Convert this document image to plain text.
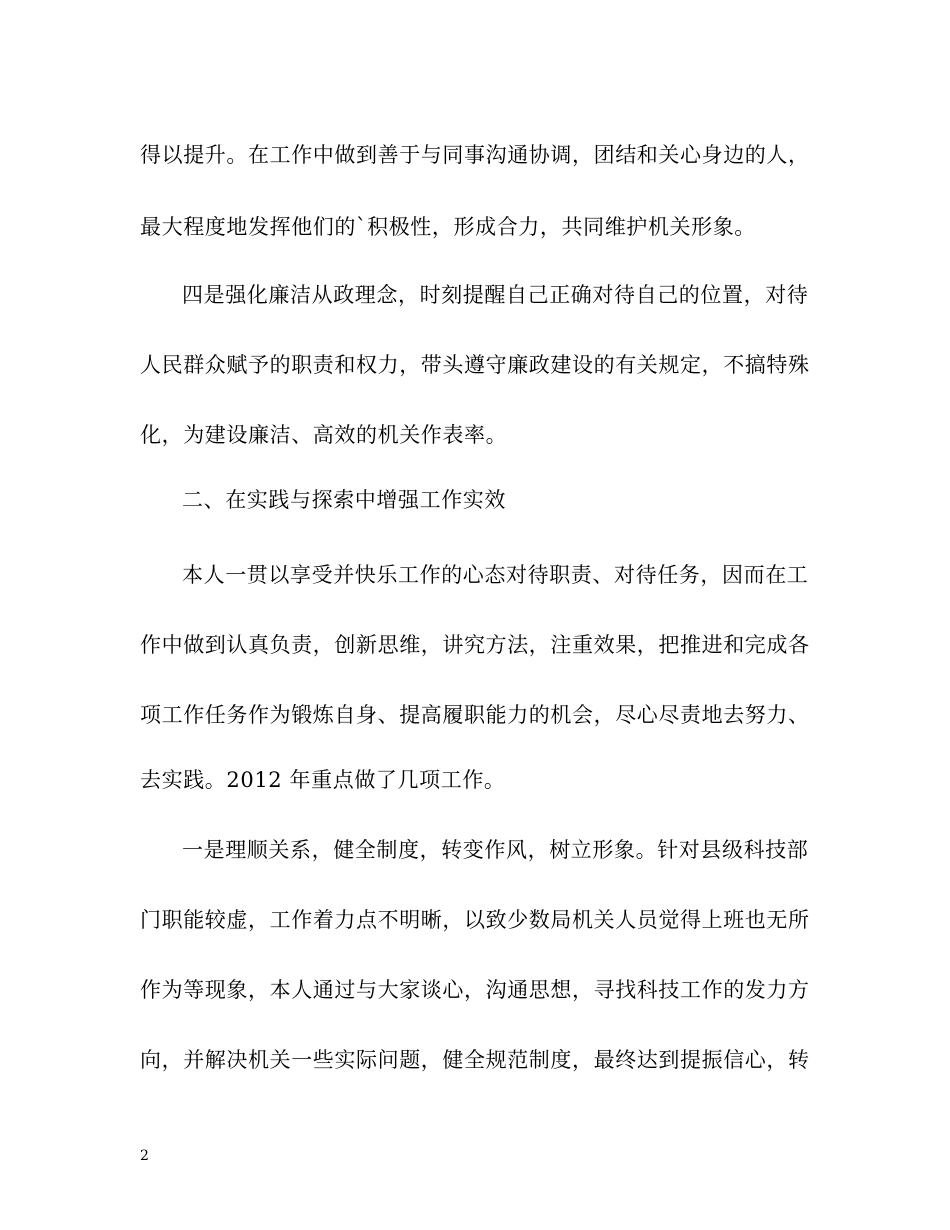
得以提升。在工作中做到善于与同事沟通协调，团结和关心身边的人，
最大程度地发挥他们的`积极性，形成合力，共同维护机关形象。
四是强化廉洁从政理念，时刻提醒自己正确对待自己的位置，对待
人民群众赋予的职责和权力，带头遵守廉政建设的有关规定，不搞特殊
化，为建设廉洁、高效的机关作表率。
二、在实践与探索中增强工作实效
本人一贯以享受并快乐工作的心态对待职责、对待任务，因而在工
作中做到认真负责，创新思维，讲究方法，注重效果，把推进和完成各
项工作任务作为锻炼自身、提高履职能力的机会，尽心尽责地去努力、
去实践。2012 年重点做了几项工作。
一是理顺关系，健全制度，转变作风，树立形象。针对县级科技部
门职能较虚，工作着力点不明晰，以致少数局机关人员觉得上班也无所
作为等现象，本人通过与大家谈心，沟通思想，寻找科技工作的发力方
向，并解决机关一些实际问题，健全规范制度，最终达到提振信心，转
2
